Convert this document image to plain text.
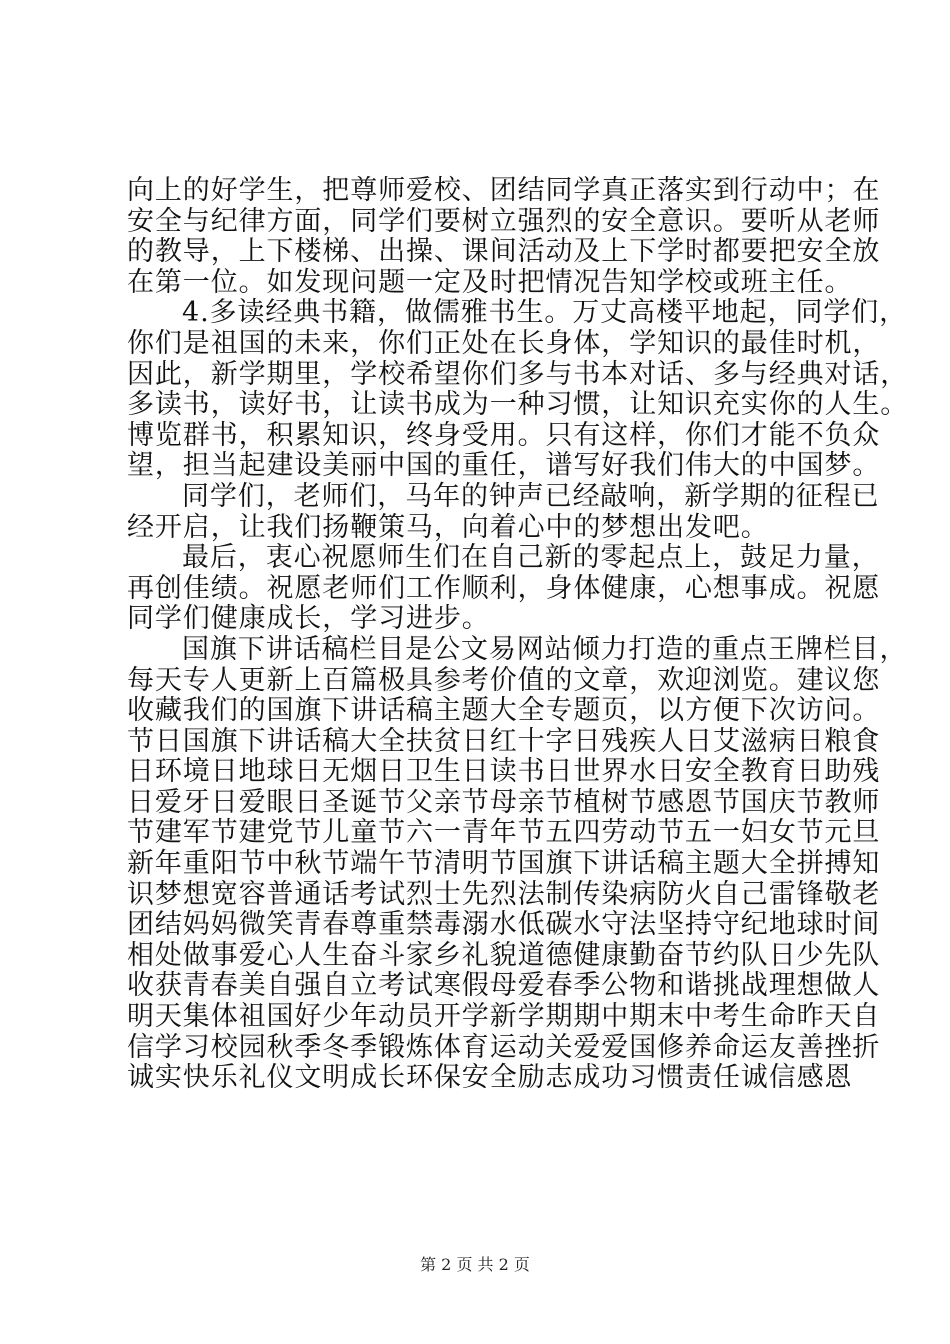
向上的好学生，把尊师爱校、团结同学真正落实到行动中；在
安全与纪律方面，同学们要树立强烈的安全意识。要听从老师
的教导，上下楼梯、出操、课间活动及上下学时都要把安全放
在第一位。如发现问题一定及时把情况告知学校或班主任。
4.多读经典书籍，做儒雅书生。万丈高楼平地起，同学们，
你们是祖国的未来，你们正处在长身体，学知识的最佳时机，
因此，新学期里，学校希望你们多与书本对话、多与经典对话，
多读书，读好书，让读书成为一种习惯，让知识充实你的人生。
博览群书，积累知识，终身受用。只有这样，你们才能不负众
望，担当起建设美丽中国的重任，谱写好我们伟大的中国梦。
同学们，老师们，马年的钟声已经敲响，新学期的征程已
经开启，让我们扬鞭策马，向着心中的梦想出发吧。
最后，衷心祝愿师生们在自己新的零起点上，鼓足力量，
再创佳绩。祝愿老师们工作顺利，身体健康，心想事成。祝愿
同学们健康成长，学习进步。
国旗下讲话稿栏目是公文易网站倾力打造的重点王牌栏目，
每天专人更新上百篇极具参考价值的文章，欢迎浏览。建议您
收藏我们的国旗下讲话稿主题大全专题页，以方便下次访问。
节日国旗下讲话稿大全扶贫日红十字日残疾人日艾滋病日粮食
日环境日地球日无烟日卫生日读书日世界水日安全教育日助残
日爱牙日爱眼日圣诞节父亲节母亲节植树节感恩节国庆节教师
节建军节建党节儿童节六一青年节五四劳动节五一妇女节元旦
新年重阳节中秋节端午节清明节国旗下讲话稿主题大全拼搏知
识梦想宽容普通话考试烈士先烈法制传染病防火自己雷锋敬老
团结妈妈微笑青春尊重禁毒溺水低碳水守法坚持守纪地球时间
相处做事爱心人生奋斗家乡礼貌道德健康勤奋节约队日少先队
收获青春美自强自立考试寒假母爱春季公物和谐挑战理想做人
明天集体祖国好少年动员开学新学期期中期末中考生命昨天自
信学习校园秋季冬季锻炼体育运动关爱爱国修养命运友善挫折
诚实快乐礼仪文明成长环保安全励志成功习惯责任诚信感恩
第 2 页 共 2 页
